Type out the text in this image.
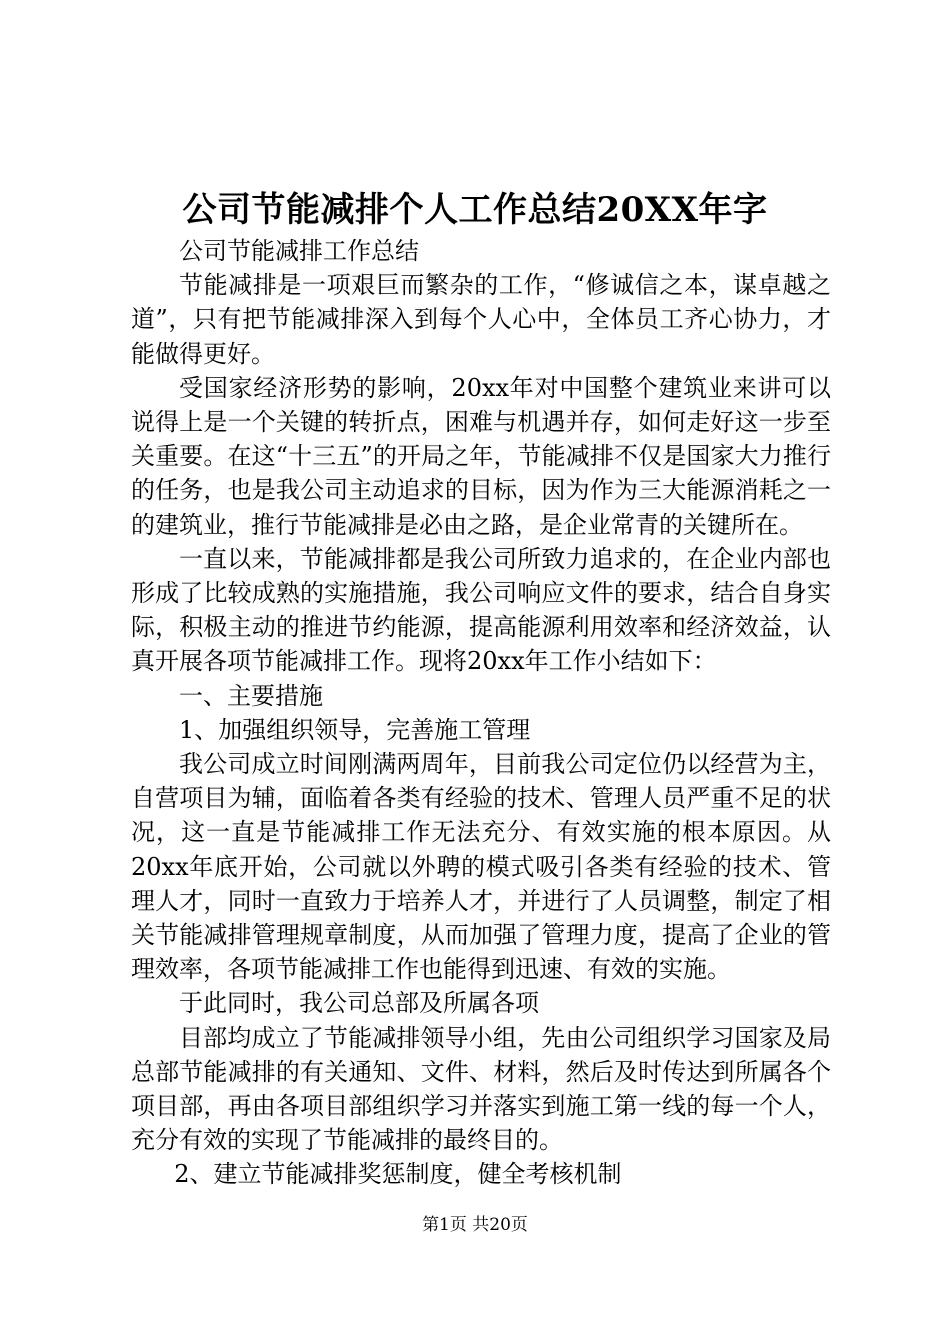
公司节能减排个人工作总结20XX年字

公司节能减排工作总结

节能减排是一项艰巨而繁杂的工作，“修诚信之本，谋卓越之道”，只有把节能减排深入到每个人心中，全体员工齐心协力，才能做得更好。

受国家经济形势的影响，20xx年对中国整个建筑业来讲可以说得上是一个关键的转折点，困难与机遇并存，如何走好这一步至关重要。在这“十三五”的开局之年，节能减排不仅是国家大力推行的任务，也是我公司主动追求的目标，因为作为三大能源消耗之一的建筑业，推行节能减排是必由之路，是企业常青的关键所在。

一直以来，节能减排都是我公司所致力追求的，在企业内部也形成了比较成熟的实施措施，我公司响应文件的要求，结合自身实际，积极主动的推进节约能源，提高能源利用效率和经济效益，认真开展各项节能减排工作。现将20xx年工作小结如下：

一、主要措施

1、加强组织领导，完善施工管理

我公司成立时间刚满两周年，目前我公司定位仍以经营为主，自营项目为辅，面临着各类有经验的技术、管理人员严重不足的状况，这一直是节能减排工作无法充分、有效实施的根本原因。从20xx年底开始，公司就以外聘的模式吸引各类有经验的技术、管理人才，同时一直致力于培养人才，并进行了人员调整，制定了相关节能减排管理规章制度，从而加强了管理力度，提高了企业的管理效率，各项节能减排工作也能得到迅速、有效的实施。

于此同时，我公司总部及所属各项

目部均成立了节能减排领导小组，先由公司组织学习国家及局总部节能减排的有关通知、文件、材料，然后及时传达到所属各个项目部，再由各项目部组织学习并落实到施工第一线的每一个人，充分有效的实现了节能减排的最终目的。

2、建立节能减排奖惩制度，健全考核机制

第1页 共20页
